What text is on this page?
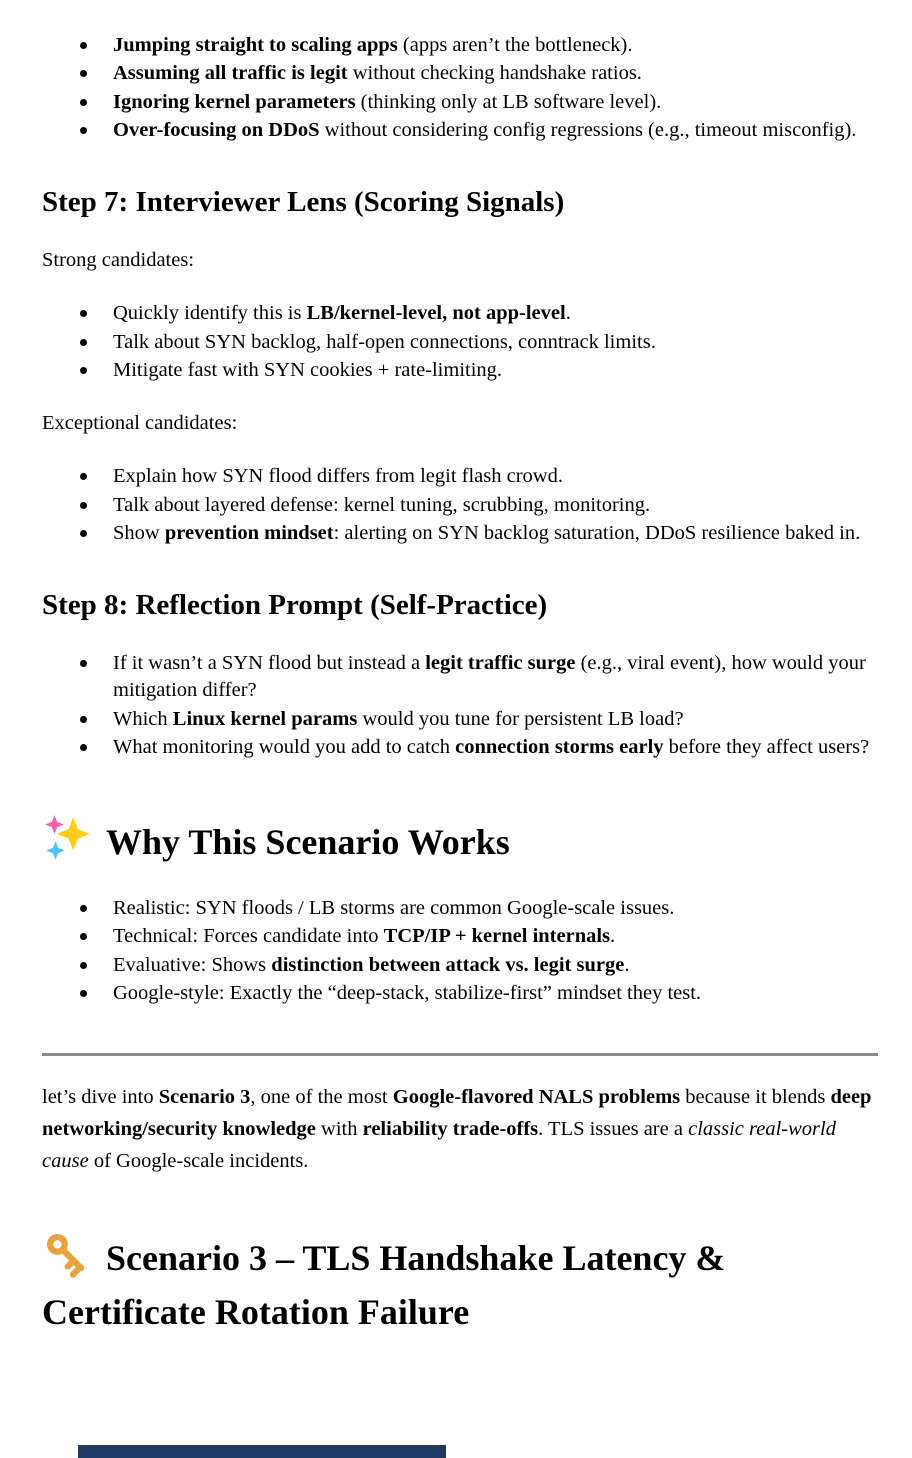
Jumping straight to scaling apps (apps aren’t the bottleneck).
Assuming all traffic is legit without checking handshake ratios.
Ignoring kernel parameters (thinking only at LB software level).
Over-focusing on DDoS without considering config regressions (e.g., timeout misconfig).
Step 7: Interviewer Lens (Scoring Signals)

Strong candidates:

Quickly identify this is LB/kernel-level, not app-level.
Talk about SYN backlog, half-open connections, conntrack limits.
Mitigate fast with SYN cookies + rate-limiting.

Exceptional candidates:

Explain how SYN flood differs from legit flash crowd.
Talk about layered defense: kernel tuning, scrubbing, monitoring.
Show prevention mindset: alerting on SYN backlog saturation, DDoS resilience baked in.
Step 8: Reflection Prompt (Self-Practice)
If it wasn’t a SYN flood but instead a legit traffic surge (e.g., viral event), how would your mitigation differ?
Which Linux kernel params would you tune for persistent LB load?
What monitoring would you add to catch connection storms early before they affect users?
Why This Scenario Works
Realistic: SYN floods / LB storms are common Google-scale issues.
Technical: Forces candidate into TCP/IP + kernel internals.
Evaluative: Shows distinction between attack vs. legit surge.
Google-style: Exactly the “deep-stack, stabilize-first” mindset they test.

let’s dive into Scenario 3, one of the most Google-flavored NALS problems because it blends deep networking/security knowledge with reliability trade-offs. TLS issues are a classic real-world cause of Google-scale incidents.

Scenario 3 – TLS Handshake Latency & Certificate Rotation Failure
